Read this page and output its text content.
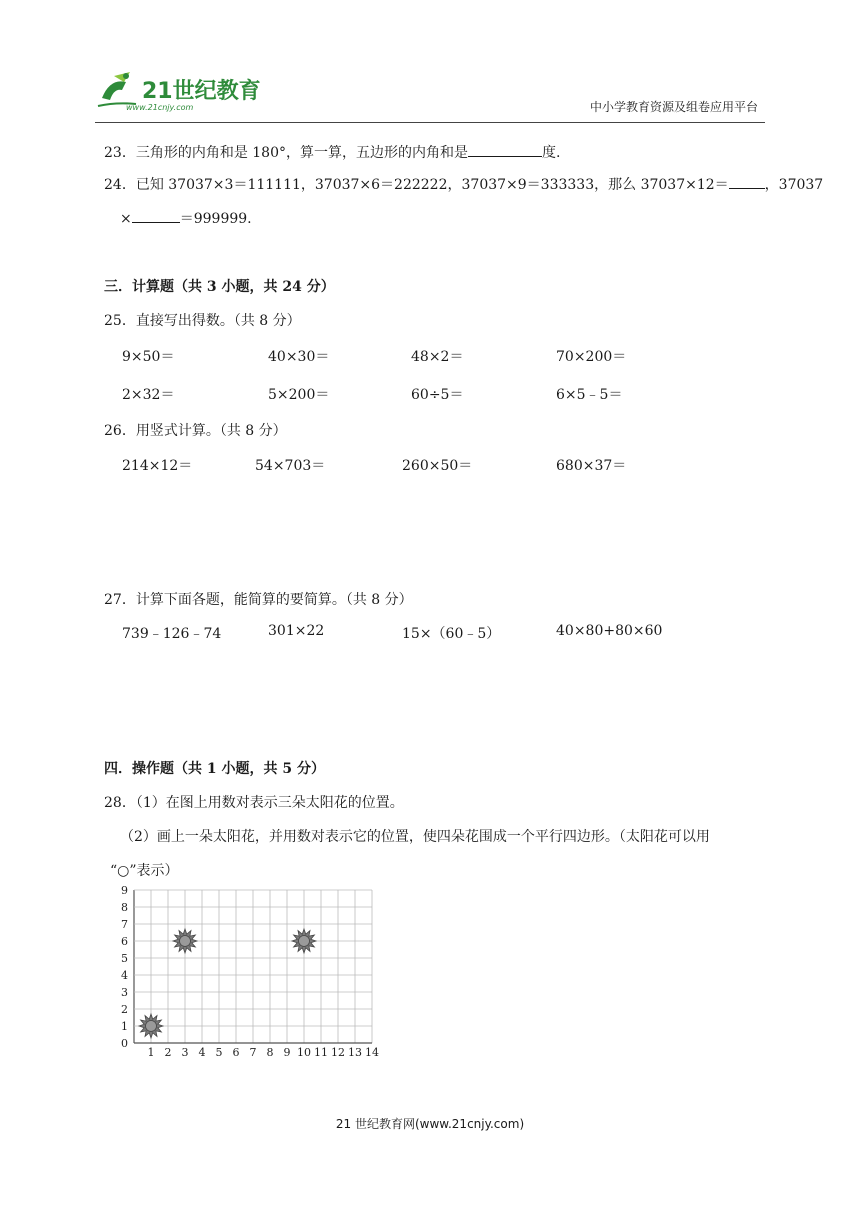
21世纪教育
www.21cnjy.com	中小学教育资源及组卷应用平台
23．三角形的内角和是 180°，算一算，五边形的内角和是	度.
24．已知 37037×3＝111111，37037×6＝222222，37037×9＝333333，那么 37037×12＝	，37037
×	＝999999.
三．计算题（共 3 小题，共 24 分）
25．直接写出得数。（共 8 分）
9×50＝	40×30＝	48×2＝	70×200＝
2×32＝	5×200＝	60÷5＝	6×5﹣5＝
26．用竖式计算。（共 8 分）
214×12＝	54×703＝	260×50＝	680×37＝
27．计算下面各题，能简算的要简算。（共 8 分）
739﹣126﹣74	301×22	15×（60﹣5）	40×80+80×60
四．操作题（共 1 小题，共 5 分）
28．（1）在图上用数对表示三朵太阳花的位置。
（2）画上一朵太阳花，并用数对表示它的位置，使四朵花围成一个平行四边形。（太阳花可以用
“○”表示）
1 2 3 4 5 6 7 8 9 10 11 12 13 14
0
1
2
3
4
5
6
7
8
9
21 世纪教育网(www.21cnjy.com)
